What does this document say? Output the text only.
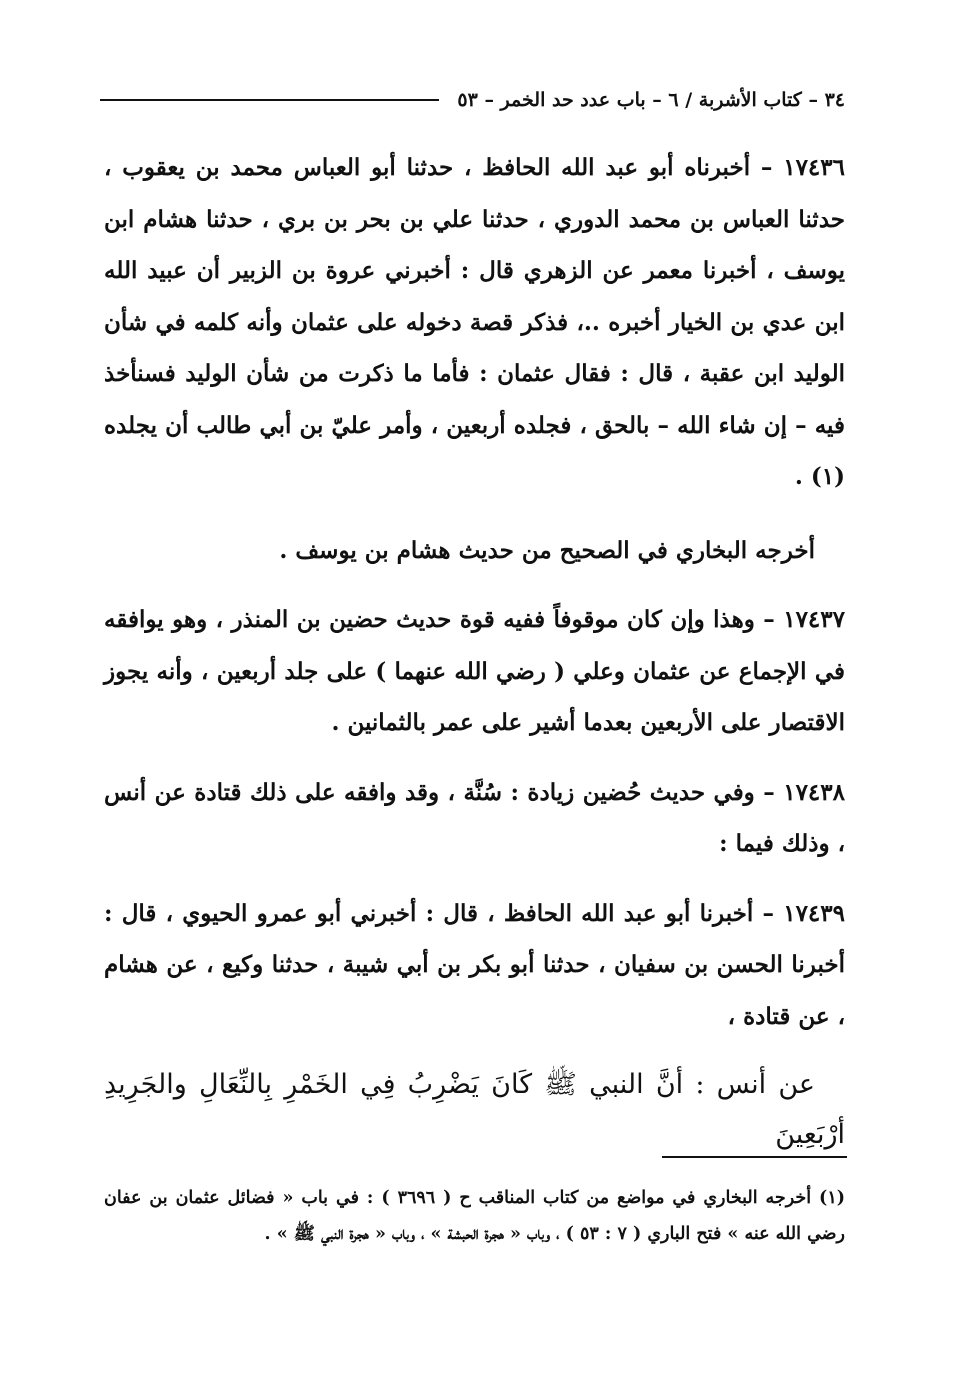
٣٤ – كتاب الأشربة / ٦ – باب عدد حد الخمر – ٥٣

١٧٤٣٦ – أخبرناه أبو عبد الله الحافظ ، حدثنا أبو العباس محمد بن يعقوب ، حدثنا العباس بن محمد الدوري ، حدثنا علي بن بحر بن بري ، حدثنا هشام ابن يوسف ، أخبرنا معمر عن الزهري قال : أخبرني عروة بن الزبير أن عبيد الله ابن عدي بن الخيار أخبره ..، فذكر قصة دخوله على عثمان وأنه كلمه في شأن الوليد ابن عقبة ، قال : فقال عثمان : فأما ما ذكرت من شأن الوليد فسنأخذ فيه – إن شاء الله – بالحق ، فجلده أربعين ، وأمر عليّ بن أبي طالب أن يجلده (١) .

أخرجه البخاري في الصحيح من حديث هشام بن يوسف .

١٧٤٣٧ – وهذا وإن كان موقوفاً ففيه قوة حديث حضين بن المنذر ، وهو يوافقه في الإجماع عن عثمان وعلي ( رضي الله عنهما ) على جلد أربعين ، وأنه يجوز الاقتصار على الأربعين بعدما أشير على عمر بالثمانين .

١٧٤٣٨ – وفي حديث حُضين زيادة : سُنَّة ، وقد وافقه على ذلك قتادة عن أنس ، وذلك فيما :

١٧٤٣٩ – أخبرنا أبو عبد الله الحافظ ، قال : أخبرني أبو عمرو الحيوي ، قال : أخبرنا الحسن بن سفيان ، حدثنا أبو بكر بن أبي شيبة ، حدثنا وكيع ، عن هشام ، عن قتادة ،

عن أنس : أنَّ النبي ﷺ كَانَ يَضْرِبُ فِي الخَمْرِ بِالنِّعَالِ والجَرِيدِ أرْبَعِينَ

(١) أخرجه البخاري في مواضع من كتاب المناقب ح ( ٣٦٩٦ ) : في باب « فضائل عثمان بن عفان رضي الله عنه » فتح الباري ( ٧ : ٥٣ ) ، وباب « هجرة الحبشة » ، وباب « هجرة النبي ﷺ » .
